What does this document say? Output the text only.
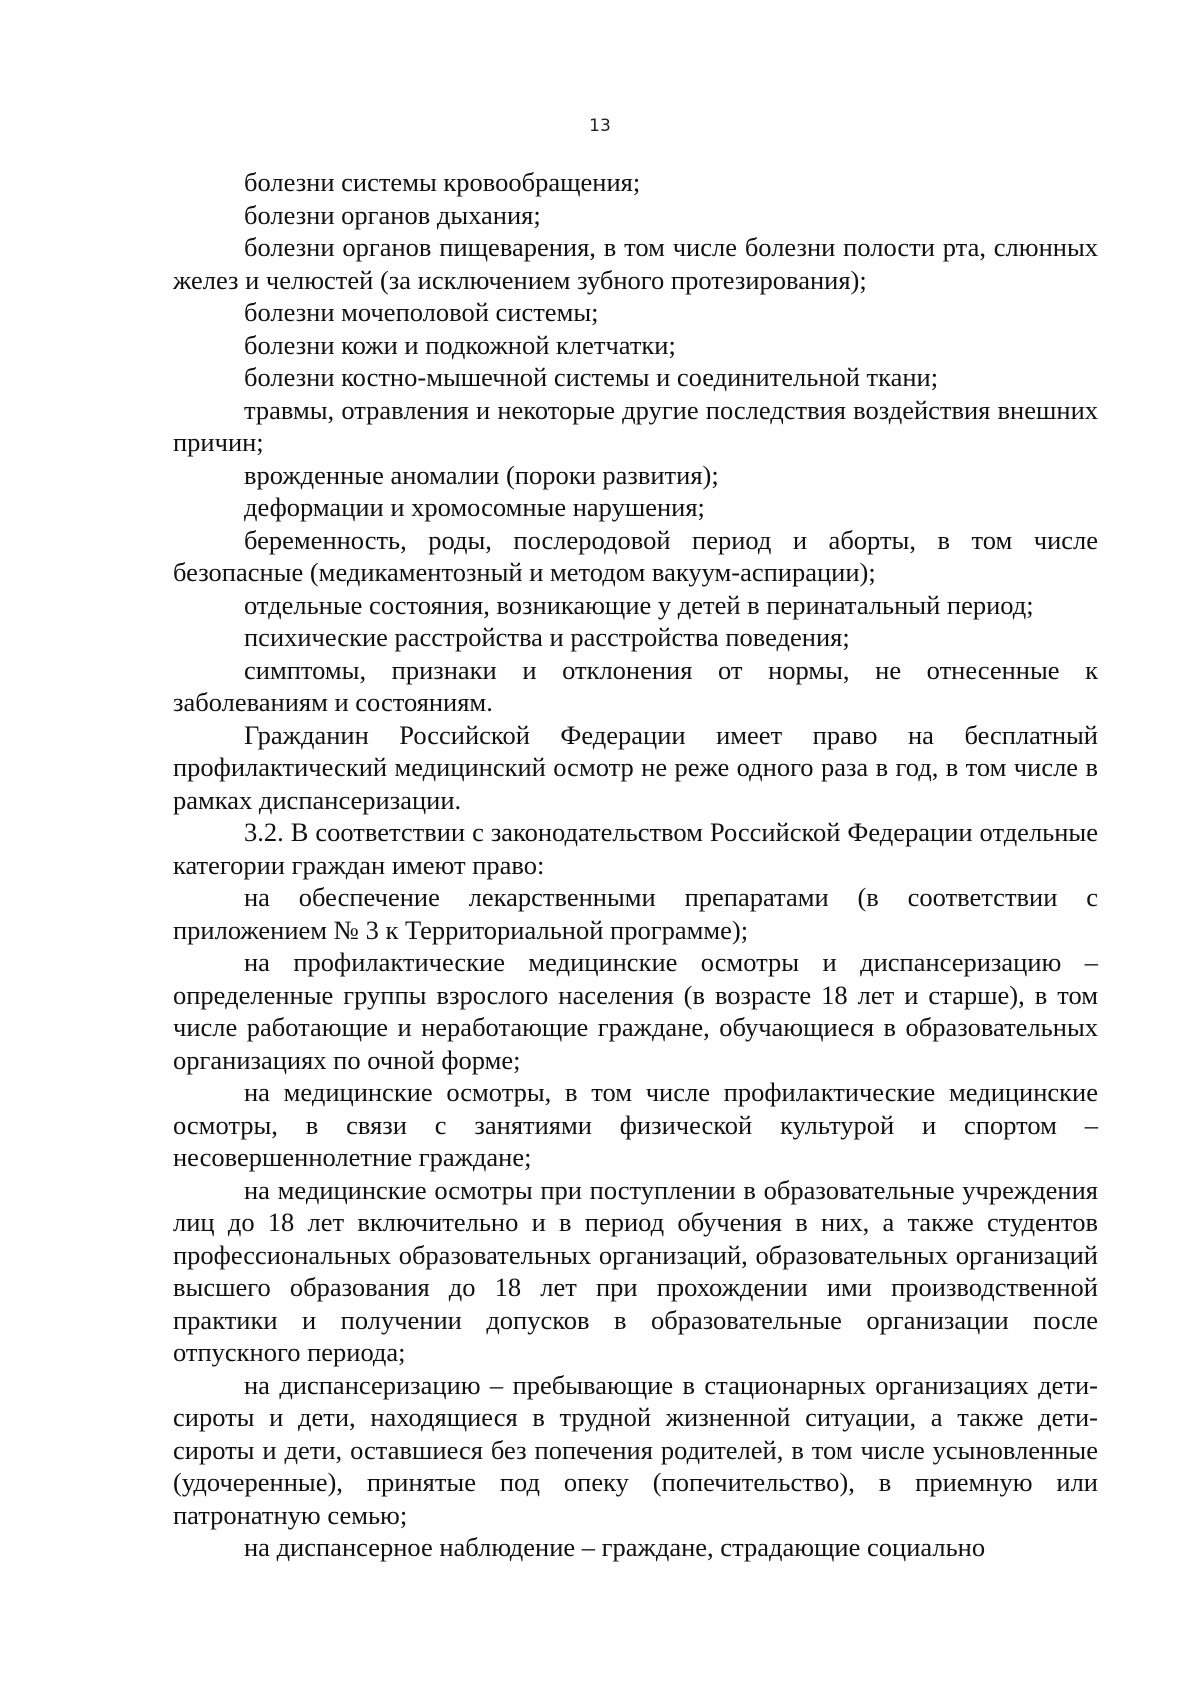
13

болезни системы кровообращения;

болезни органов дыхания;

болезни органов пищеварения, в том числе болезни полости рта, слюнных желез и челюстей (за исключением зубного протезирования);

болезни мочеполовой системы;

болезни кожи и подкожной клетчатки;

болезни костно-мышечной системы и соединительной ткани;

травмы, отравления и некоторые другие последствия воздействия внешних причин;

врожденные аномалии (пороки развития);

деформации и хромосомные нарушения;

беременность, роды, послеродовой период и аборты, в том числе безопасные (медикаментозный и методом вакуум-аспирации);

отдельные состояния, возникающие у детей в перинатальный период;

психические расстройства и расстройства поведения;

симптомы, признаки и отклонения от нормы, не отнесенные к заболеваниям и состояниям.

Гражданин Российской Федерации имеет право на бесплатный профилактический медицинский осмотр не реже одного раза в год, в том числе в рамках диспансеризации.

3.2. В соответствии с законодательством Российской Федерации отдельные категории граждан имеют право:

на обеспечение лекарственными препаратами (в соответствии с приложением № 3 к Территориальной программе);

на профилактические медицинские осмотры и диспансеризацию – определенные группы взрослого населения (в возрасте 18 лет и старше), в том числе работающие и неработающие граждане, обучающиеся в образовательных организациях по очной форме;

на медицинские осмотры, в том числе профилактические медицинские осмотры, в связи с занятиями физической культурой и спортом – несовершеннолетние граждане;

на медицинские осмотры при поступлении в образовательные учреждения лиц до 18 лет включительно и в период обучения в них, а также студентов профессиональных образовательных организаций, образовательных организаций высшего образования до 18 лет при прохождении ими производственной практики и получении допусков в образовательные организации после отпускного периода;

на диспансеризацию – пребывающие в стационарных организациях дети-сироты и дети, находящиеся в трудной жизненной ситуации, а также дети-сироты и дети, оставшиеся без попечения родителей, в том числе усыновленные (удочеренные), принятые под опеку (попечительство), в приемную или патронатную семью;

на диспансерное наблюдение – граждане, страдающие социально
